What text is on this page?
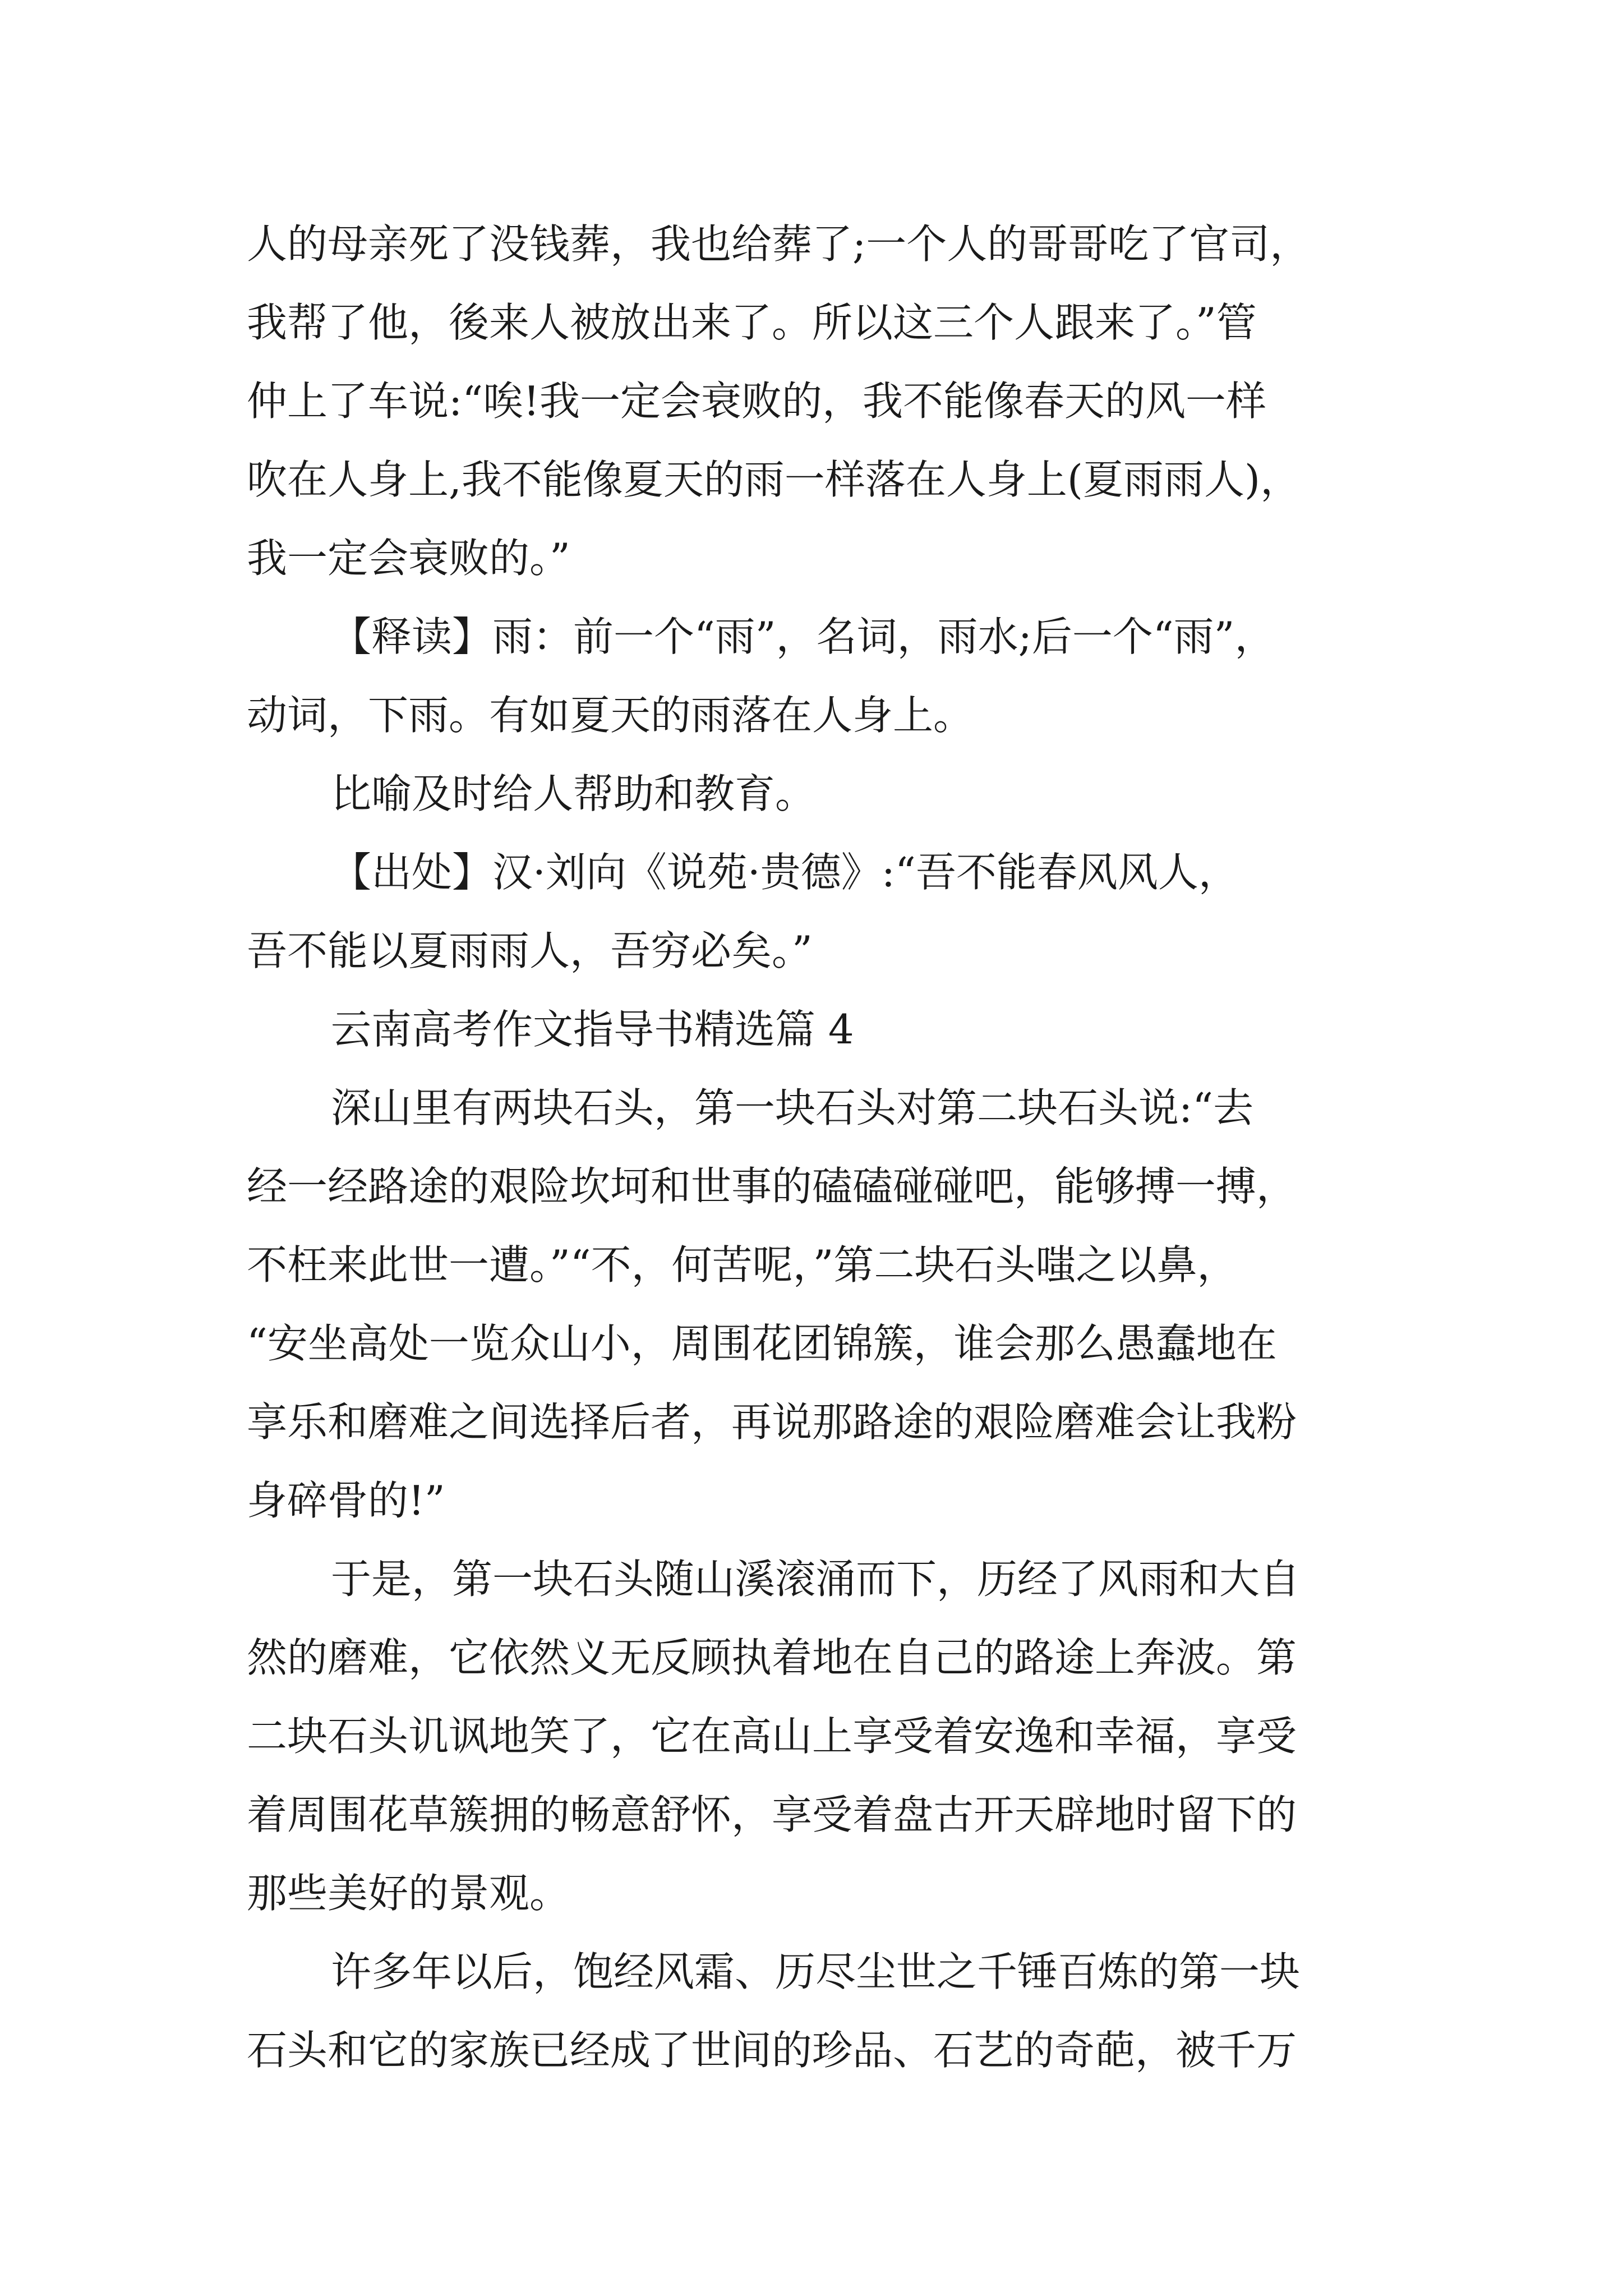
人的母亲死了没钱葬，我也给葬了;一个人的哥哥吃了官司，
我帮了他，後来人被放出来了。所以这三个人跟来了。”管
仲上了车说:“唉!我一定会衰败的，我不能像春天的风一样
吹在人身上,我不能像夏天的雨一样落在人身上(夏雨雨人)，
我一定会衰败的。”
【释读】雨：前一个“雨”，名词，雨水;后一个“雨”，
动词，下雨。有如夏天的雨落在人身上。
比喻及时给人帮助和教育。
【出处】汉·刘向《说苑·贵德》:“吾不能春风风人，
吾不能以夏雨雨人，吾穷必矣。”
云南高考作文指导书精选篇 4
深山里有两块石头，第一块石头对第二块石头说:“去
经一经路途的艰险坎坷和世事的磕磕碰碰吧，能够搏一搏，
不枉来此世一遭。”“不，何苦呢，”第二块石头嗤之以鼻，
“安坐高处一览众山小，周围花团锦簇，谁会那么愚蠢地在
享乐和磨难之间选择后者，再说那路途的艰险磨难会让我粉
身碎骨的!”
于是，第一块石头随山溪滚涌而下，历经了风雨和大自
然的磨难，它依然义无反顾执着地在自己的路途上奔波。第
二块石头讥讽地笑了，它在高山上享受着安逸和幸福，享受
着周围花草簇拥的畅意舒怀，享受着盘古开天辟地时留下的
那些美好的景观。
许多年以后，饱经风霜、历尽尘世之千锤百炼的第一块
石头和它的家族已经成了世间的珍品、石艺的奇葩，被千万
